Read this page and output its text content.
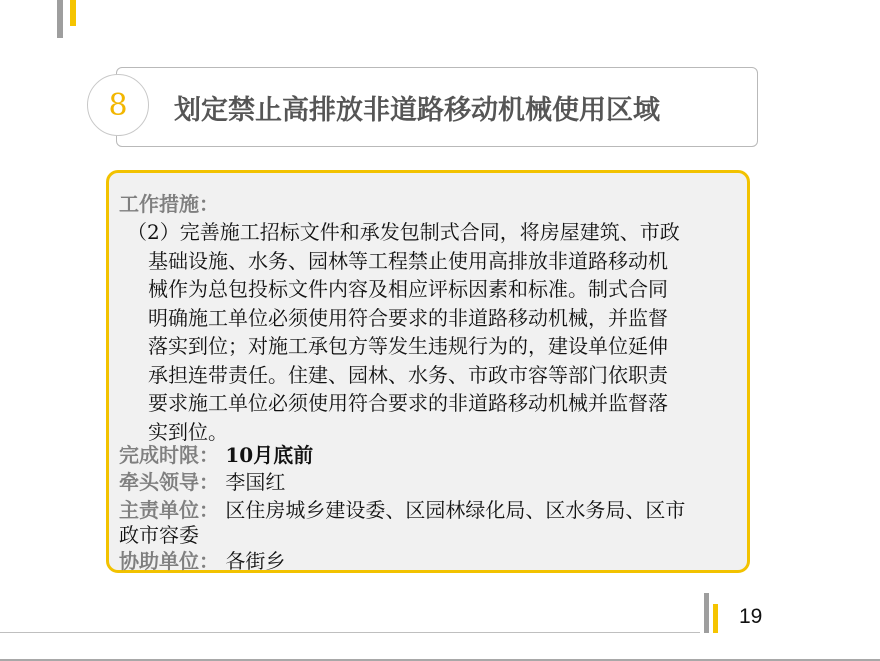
8	划定禁止高排放非道路移动机械使用区域
工作措施：
（2）完善施工招标文件和承发包制式合同，将房屋建筑、市政
基础设施、水务、园林等工程禁止使用高排放非道路移动机
械作为总包投标文件内容及相应评标因素和标准。制式合同
明确施工单位必须使用符合要求的非道路移动机械，并监督
落实到位；对施工承包方等发生违规行为的，建设单位延伸
承担连带责任。住建、园林、水务、市政市容等部门依职责
要求施工单位必须使用符合要求的非道路移动机械并监督落
实到位。
完成时限： 10月底前
牵头领导： 李国红
主责单位： 区住房城乡建设委、区园林绿化局、区水务局、区市
政市容委
协助单位： 各街乡
19
